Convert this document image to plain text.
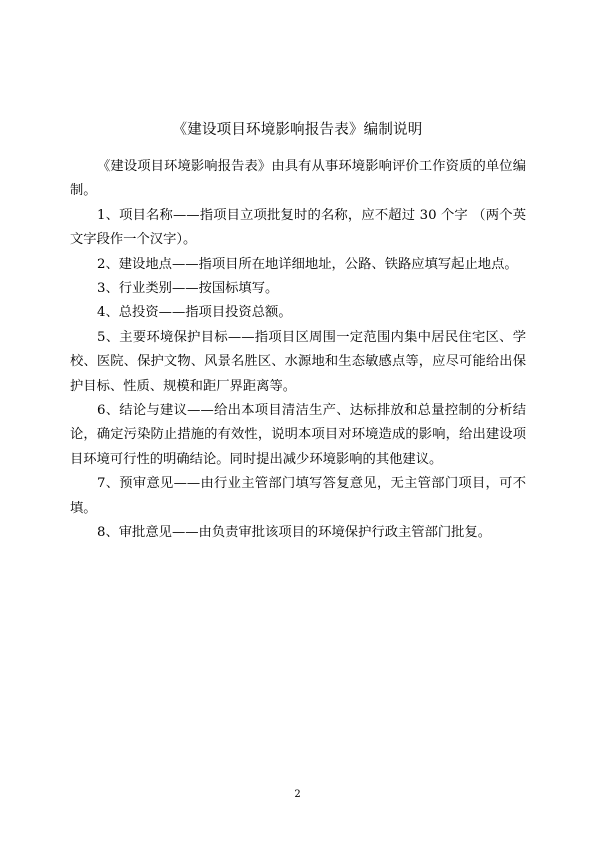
《建设项目环境影响报告表》编制说明

《建设项目环境影响报告表》由具有从事环境影响评价工作资质的单位编制。

1、项目名称——指项目立项批复时的名称，应不超过 30 个字 （两个英文字段作一个汉字）。

2、建设地点——指项目所在地详细地址，公路、铁路应填写起止地点。

3、行业类别——按国标填写。

4、总投资——指项目投资总额。

5、主要环境保护目标——指项目区周围一定范围内集中居民住宅区、学校、医院、保护文物、风景名胜区、水源地和生态敏感点等，应尽可能给出保护目标、性质、规模和距厂界距离等。

6、结论与建议——给出本项目清洁生产、达标排放和总量控制的分析结论，确定污染防止措施的有效性，说明本项目对环境造成的影响，给出建设项目环境可行性的明确结论。同时提出减少环境影响的其他建议。

7、预审意见——由行业主管部门填写答复意见，无主管部门项目，可不填。

8、审批意见——由负责审批该项目的环境保护行政主管部门批复。

2
